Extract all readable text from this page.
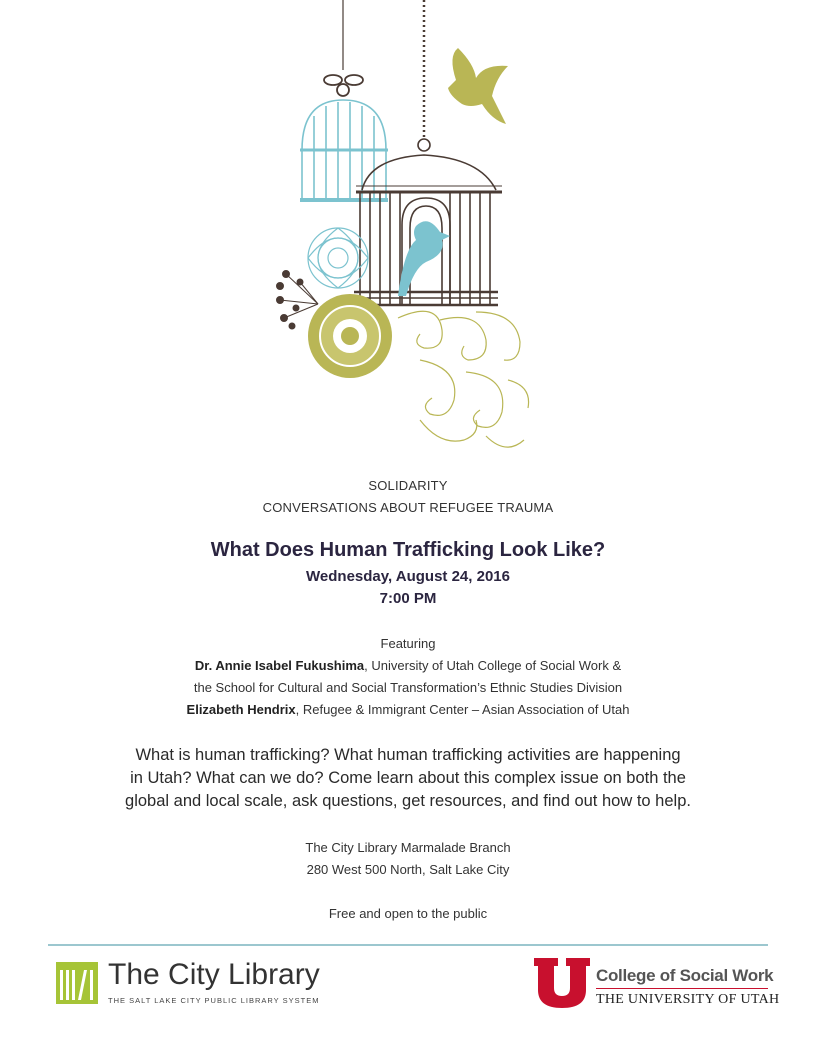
SOLIDARITY
CONVERSATIONS ABOUT REFUGEE TRAUMA
What Does Human Trafficking Look Like?
Wednesday, August 24, 2016
7:00 PM
Featuring
Dr. Annie Isabel Fukushima, University of Utah College of Social Work &
the School for Cultural and Social Transformation’s Ethnic Studies Division
Elizabeth Hendrix, Refugee & Immigrant Center – Asian Association of Utah
What is human trafficking? What human trafficking activities are happening
in Utah? What can we do? Come learn about this complex issue on both the
global and local scale, ask questions, get resources, and find out how to help.
The City Library Marmalade Branch
280 West 500 North, Salt Lake City
Free and open to the public
The City Library
THE SALT LAKE CITY PUBLIC LIBRARY SYSTEM
College of Social Work
THE UNIVERSITY OF UTAH
